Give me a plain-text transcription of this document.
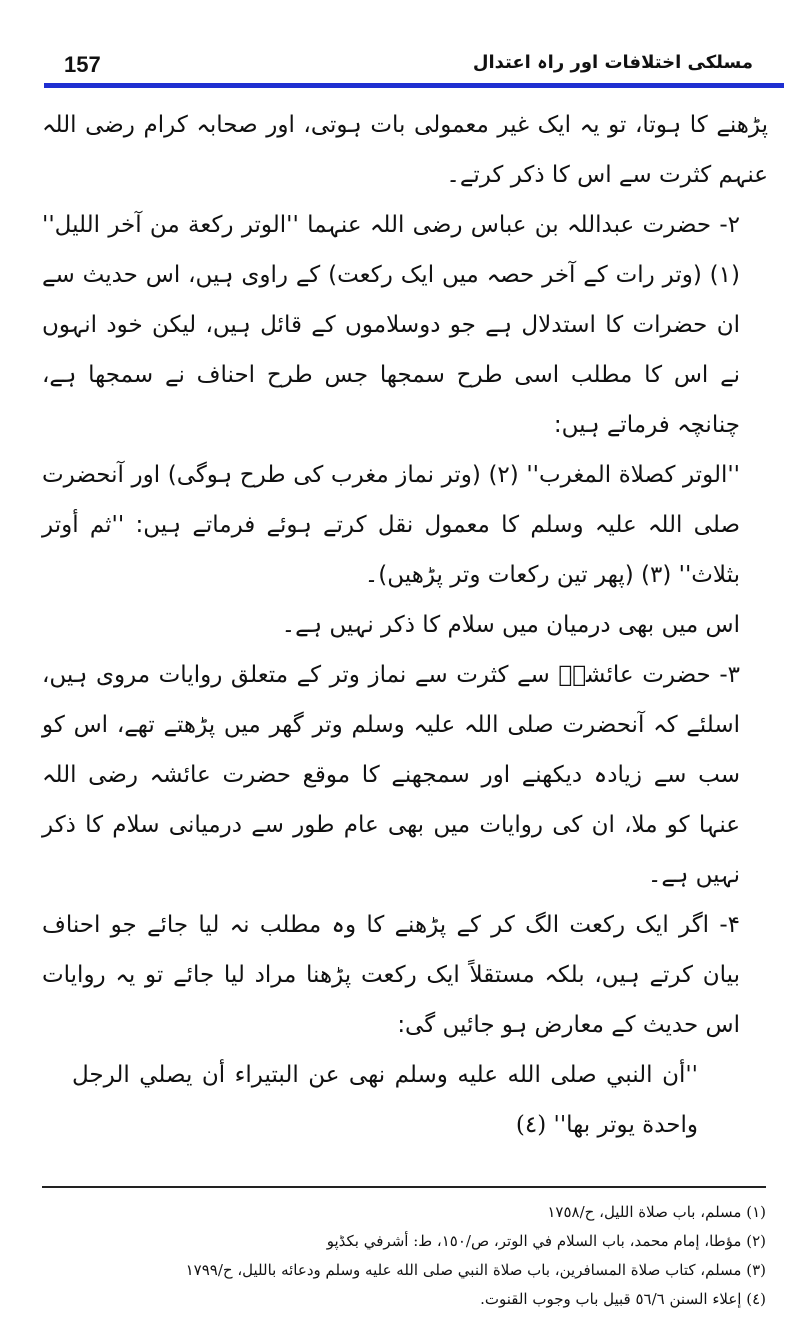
157	مسلکی اختلافات اور راہ اعتدال

پڑھنے کا ہوتا، تو یہ ایک غیر معمولی بات ہوتی، اور صحابہ کرام رضی اللہ عنہم کثرت سے اس کا ذکر کرتے۔

۲- حضرت عبداللہ بن عباس رضی اللہ عنہما ''الوتر ركعة من آخر الليل'' (۱) (وتر رات کے آخر حصہ میں ایک رکعت) کے راوی ہیں، اس حدیث سے ان حضرات کا استدلال ہے جو دوسلاموں کے قائل ہیں، لیکن خود انہوں نے اس کا مطلب اسی طرح سمجھا جس طرح احناف نے سمجھا ہے، چنانچہ فرماتے ہیں:

''الوتر كصلاة المغرب'' (۲) (وتر نماز مغرب کی طرح ہوگی) اور آنحضرت صلی اللہ علیہ وسلم کا معمول نقل کرتے ہوئے فرماتے ہیں: ''ثم أوتر بثلاث'' (۳) (پھر تین رکعات وتر پڑھیں)۔

اس میں بھی درمیان میں سلام کا ذکر نہیں ہے۔

۳- حضرت عائشہؓ سے کثرت سے نماز وتر کے متعلق روایات مروی ہیں، اسلئے کہ آنحضرت صلی اللہ علیہ وسلم وتر گھر میں پڑھتے تھے، اس کو سب سے زیادہ دیکھنے اور سمجھنے کا موقع حضرت عائشہ رضی اللہ عنہا کو ملا، ان کی روایات میں بھی عام طور سے درمیانی سلام کا ذکر نہیں ہے۔

۴- اگر ایک رکعت الگ کر کے پڑھنے کا وہ مطلب نہ لیا جائے جو احناف بیان کرتے ہیں، بلکہ مستقلاً ایک رکعت پڑھنا مراد لیا جائے تو یہ روایات اس حدیث کے معارض ہو جائیں گی:

''أن النبي صلى الله عليه وسلم نهى عن البتيراء أن يصلي الرجل واحدة يوتر بها'' (٤)

(١) مسلم، باب صلاة الليل، ح/١٧٥٨

(٢) مؤطا، إمام محمد، باب السلام في الوتر، ص/١٥٠، ط: أشرفي بكڈپو

(٣) مسلم، كتاب صلاة المسافرين، باب صلاة النبي صلى الله عليه وسلم ودعائه بالليل، ح/١٧٩٩

(٤) إعلاء السنن ٥٦/٦ قبيل باب وجوب القنوت.
